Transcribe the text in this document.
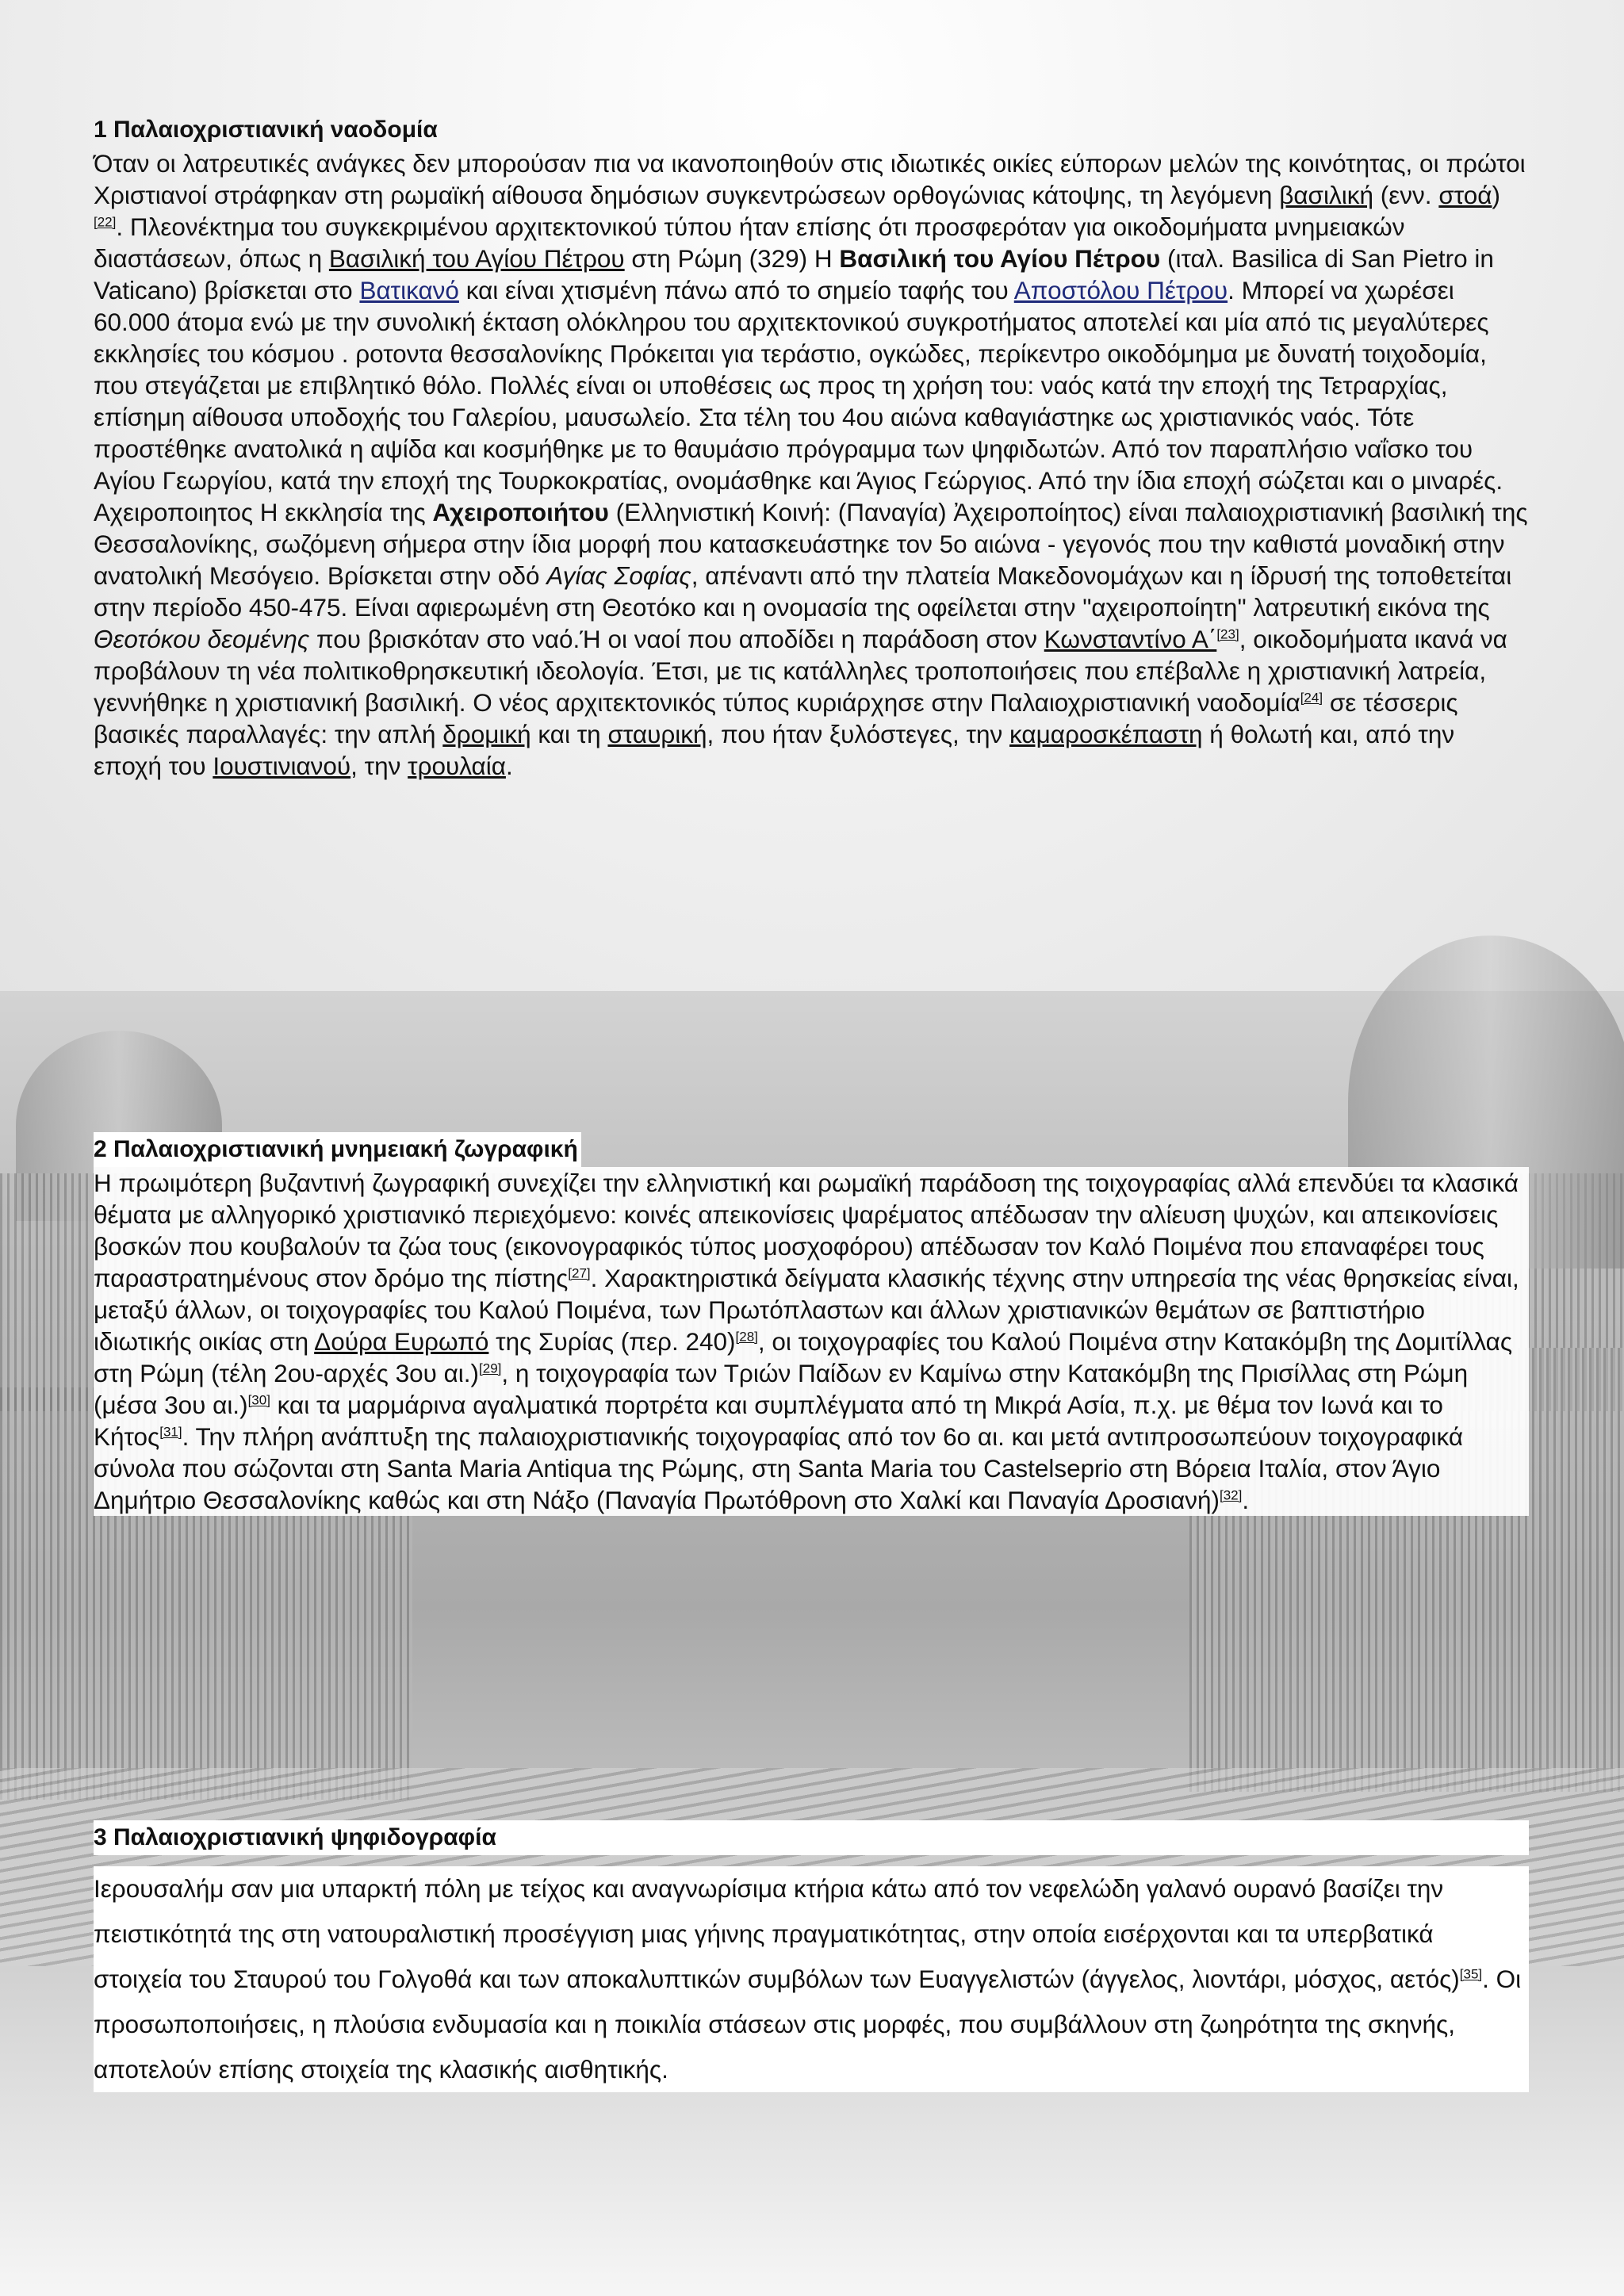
1 Παλαιοχριστιανική ναοδομία
Όταν οι λατρευτικές ανάγκες δεν μπορούσαν πια να ικανοποιηθούν στις ιδιωτικές οικίες εύπορων μελών της κοινότητας, οι πρώτοι Χριστιανοί στράφηκαν στη ρωμαϊκή αίθουσα δημόσιων συγκεντρώσεων ορθογώνιας κάτοψης, τη λεγόμενη βασιλική (ενν. στοά)[22]. Πλεονέκτημα του συγκεκριμένου αρχιτεκτονικού τύπου ήταν επίσης ότι προσφερόταν για οικοδομήματα μνημειακών διαστάσεων, όπως η Βασιλική του Αγίου Πέτρου στη Ρώμη (329) Η Βασιλική του Αγίου Πέτρου (ιταλ. Basilica di San Pietro in Vaticano) βρίσκεται στο Βατικανό και είναι χτισμένη πάνω από το σημείο ταφής του Αποστόλου Πέτρου. Μπορεί να χωρέσει 60.000 άτομα ενώ με την συνολική έκταση ολόκληρου του αρχιτεκτονικού συγκροτήματος αποτελεί και μία από τις μεγαλύτερες εκκλησίες του κόσμου . ροτοντα θεσσαλονίκης Πρόκειται για τεράστιο, ογκώδες, περίκεντρο οικοδόμημα με δυνατή τοιχοδομία, που στεγάζεται με επιβλητικό θόλο. Πολλές είναι οι υποθέσεις ως προς τη χρήση του: ναός κατά την εποχή της Τετραρχίας, επίσημη αίθουσα υποδοχής του Γαλερίου, μαυσωλείο. Στα τέλη του 4ου αιώνα καθαγιάστηκε ως χριστιανικός ναός. Τότε προστέθηκε ανατολικά η αψίδα και κοσμήθηκε με το θαυμάσιο πρόγραμμα των ψηφιδωτών. Από τον παραπλήσιο ναΐσκο του Αγίου Γεωργίου, κατά την εποχή της Τουρκοκρατίας, ονομάσθηκε και Άγιος Γεώργιος. Από την ίδια εποχή σώζεται και ο μιναρές. Αχειροποιητος Η εκκλησία της Αχειροποιήτου (Ελληνιστική Κοινή: (Παναγία) Ἀχειροποίητος) είναι παλαιοχριστιανική βασιλική της Θεσσαλονίκης, σωζόμενη σήμερα στην ίδια μορφή που κατασκευάστηκε τον 5ο αιώνα - γεγονός που την καθιστά μοναδική στην ανατολική Μεσόγειο. Βρίσκεται στην οδό Αγίας Σοφίας, απέναντι από την πλατεία Μακεδονομάχων και η ίδρυσή της τοποθετείται στην περίοδο 450-475. Είναι αφιερωμένη στη Θεοτόκο και η ονομασία της οφείλεται στην "αχειροποίητη" λατρευτική εικόνα της Θεοτόκου δεομένης που βρισκόταν στο ναό.Ή οι ναοί που αποδίδει η παράδοση στον Κωνσταντίνο Α΄[23], οικοδομήματα ικανά να προβάλουν τη νέα πολιτικοθρησκευτική ιδεολογία. Έτσι, με τις κατάλληλες τροποποιήσεις που επέβαλλε η χριστιανική λατρεία, γεννήθηκε η χριστιανική βασιλική. Ο νέος αρχιτεκτονικός τύπος κυριάρχησε στην Παλαιοχριστιανική ναοδομία[24] σε τέσσερις βασικές παραλλαγές: την απλή δρομική και τη σταυρική, που ήταν ξυλόστεγες, την καμαροσκέπαστη ή θολωτή και, από την εποχή του Ιουστινιανού, την τρουλαία.
2 Παλαιοχριστιανική μνημειακή ζωγραφική
Η πρωιμότερη βυζαντινή ζωγραφική συνεχίζει την ελληνιστική και ρωμαϊκή παράδοση της τοιχογραφίας αλλά επενδύει τα κλασικά θέματα με αλληγορικό χριστιανικό περιεχόμενο: κοινές απεικονίσεις ψαρέματος απέδωσαν την αλίευση ψυχών, και απεικονίσεις βοσκών που κουβαλούν τα ζώα τους (εικονογραφικός τύπος μοσχοφόρου) απέδωσαν τον Καλό Ποιμένα που επαναφέρει τους παραστρατημένους στον δρόμο της πίστης[27]. Χαρακτηριστικά δείγματα κλασικής τέχνης στην υπηρεσία της νέας θρησκείας είναι, μεταξύ άλλων, οι τοιχογραφίες του Καλού Ποιμένα, των Πρωτόπλαστων και άλλων χριστιανικών θεμάτων σε βαπτιστήριο ιδιωτικής οικίας στη Δούρα Ευρωπό της Συρίας (περ. 240)[28], οι τοιχογραφίες του Καλού Ποιμένα στην Κατακόμβη της Δομιτίλλας στη Ρώμη (τέλη 2ου-αρχές 3ου αι.)[29], η τοιχογραφία των Τριών Παίδων εν Καμίνω στην Κατακόμβη της Πρισίλλας στη Ρώμη (μέσα 3ου αι.)[30] και τα μαρμάρινα αγαλματικά πορτρέτα και συμπλέγματα από τη Μικρά Ασία, π.χ. με θέμα τον Ιωνά και το Κήτος[31]. Την πλήρη ανάπτυξη της παλαιοχριστιανικής τοιχογραφίας από τον 6ο αι. και μετά αντιπροσωπεύουν τοιχογραφικά σύνολα που σώζονται στη Santa Maria Antiqua της Ρώμης, στη Santa Maria του Castelseprio στη Βόρεια Ιταλία, στον Άγιο Δημήτριο Θεσσαλονίκης καθώς και στη Νάξο (Παναγία Πρωτόθρονη στο Χαλκί και Παναγία Δροσιανή)[32].
3 Παλαιοχριστιανική ψηφιδογραφία
Ιερουσαλήμ σαν μια υπαρκτή πόλη με τείχος και αναγνωρίσιμα κτήρια κάτω από τον νεφελώδη γαλανό ουρανό βασίζει την πειστικότητά της στη νατουραλιστική προσέγγιση μιας γήινης πραγματικότητας, στην οποία εισέρχονται και τα υπερβατικά στοιχεία του Σταυρού του Γολγοθά και των αποκαλυπτικών συμβόλων των Ευαγγελιστών (άγγελος, λιοντάρι, μόσχος, αετός)[35]. Οι προσωποποιήσεις, η πλούσια ενδυμασία και η ποικιλία στάσεων στις μορφές, που συμβάλλουν στη ζωηρότητα της σκηνής, αποτελούν επίσης στοιχεία της κλασικής αισθητικής.
